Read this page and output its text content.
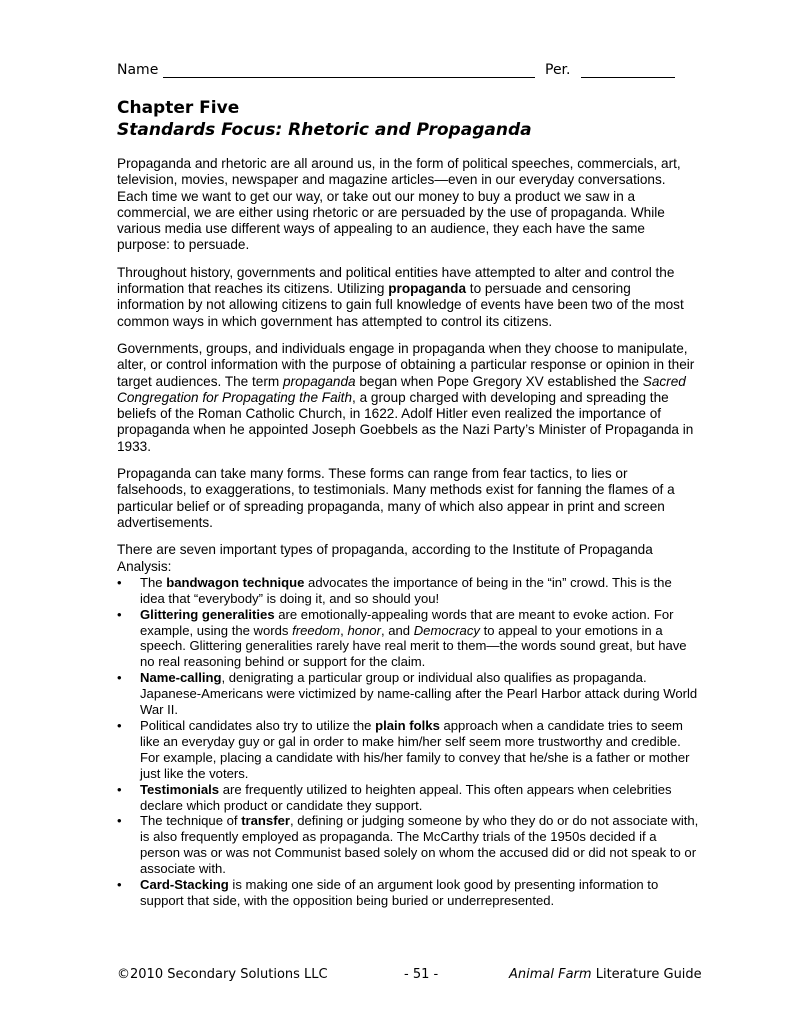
Name	Per.
Chapter Five
Standards Focus: Rhetoric and Propaganda

Propaganda and rhetoric are all around us, in the form of political speeches, commercials, art, television, movies, newspaper and magazine articles—even in our everyday conversations. Each time we want to get our way, or take out our money to buy a product we saw in a commercial, we are either using rhetoric or are persuaded by the use of propaganda. While various media use different ways of appealing to an audience, they each have the same purpose: to persuade.

Throughout history, governments and political entities have attempted to alter and control the information that reaches its citizens. Utilizing propaganda to persuade and censoring information by not allowing citizens to gain full knowledge of events have been two of the most common ways in which government has attempted to control its citizens.

Governments, groups, and individuals engage in propaganda when they choose to manipulate, alter, or control information with the purpose of obtaining a particular response or opinion in their target audiences. The term propaganda began when Pope Gregory XV established the Sacred Congregation for Propagating the Faith, a group charged with developing and spreading the beliefs of the Roman Catholic Church, in 1622. Adolf Hitler even realized the importance of propaganda when he appointed Joseph Goebbels as the Nazi Party’s Minister of Propaganda in 1933.

Propaganda can take many forms. These forms can range from fear tactics, to lies or falsehoods, to exaggerations, to testimonials. Many methods exist for fanning the flames of a particular belief or of spreading propaganda, many of which also appear in print and screen advertisements.

There are seven important types of propaganda, according to the Institute of Propaganda Analysis:

•	The bandwagon technique advocates the importance of being in the “in” crowd. This is the idea that “everybody” is doing it, and so should you!
•	Glittering generalities are emotionally-appealing words that are meant to evoke action. For example, using the words freedom, honor, and Democracy to appeal to your emotions in a speech. Glittering generalities rarely have real merit to them—the words sound great, but have no real reasoning behind or support for the claim.
•	Name-calling, denigrating a particular group or individual also qualifies as propaganda. Japanese-Americans were victimized by name-calling after the Pearl Harbor attack during World War II.
•	Political candidates also try to utilize the plain folks approach when a candidate tries to seem like an everyday guy or gal in order to make him/her self seem more trustworthy and credible. For example, placing a candidate with his/her family to convey that he/she is a father or mother just like the voters.
•	Testimonials are frequently utilized to heighten appeal. This often appears when celebrities declare which product or candidate they support.
•	The technique of transfer, defining or judging someone by who they do or do not associate with, is also frequently employed as propaganda. The McCarthy trials of the 1950s decided if a person was or was not Communist based solely on whom the accused did or did not speak to or associate with.
•	Card-Stacking is making one side of an argument look good by presenting information to support that side, with the opposition being buried or underrepresented.
©2010 Secondary Solutions LLC	- 51 -	Animal Farm Literature Guide
